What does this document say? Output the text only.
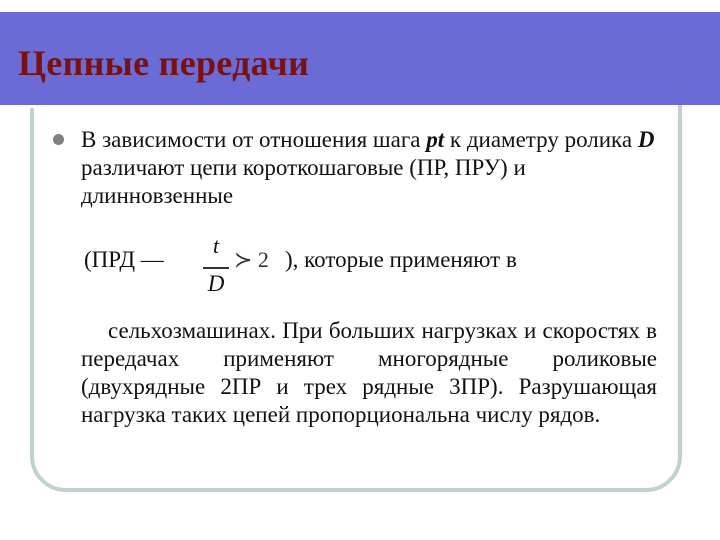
Цепные передачи

В зависимости от отношения шага pt к диаметру ролика D различают цепи короткошаговые (ПР, ПРУ) и длинновзенные

(ПРД —
t
D
≻ 2 ), которые применяют в

сельхозмашинах. При больших нагрузках и скоростях в передачах применяют многорядные роликовые (двухрядные 2ПР и трех рядные 3ПР). Разрушающая нагрузка таких цепей пропорциональна числу рядов.
